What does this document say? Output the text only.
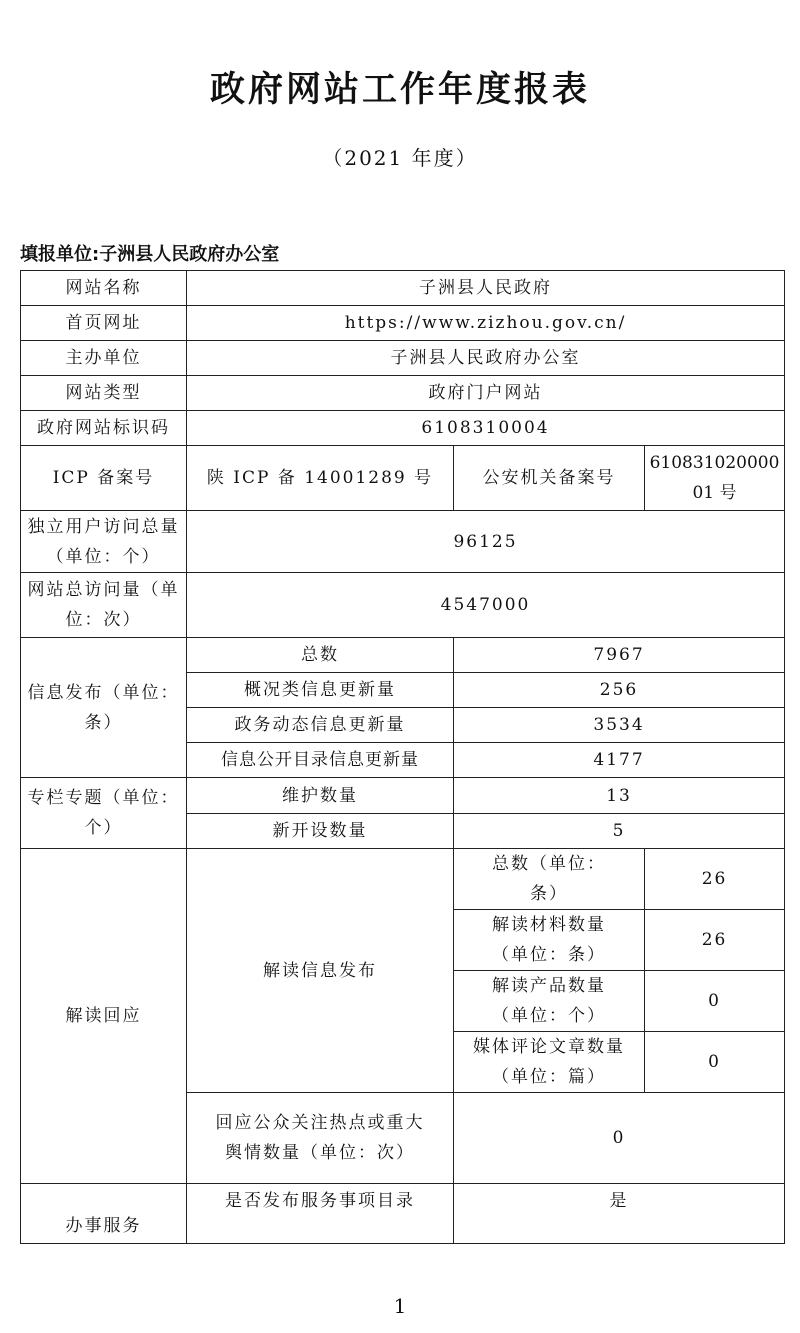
政府网站工作年度报表
（2021 年度）
填报单位:子洲县人民政府办公室
网站名称	子洲县人民政府		
首页网址	https://www.zizhou.gov.cn/		
主办单位	子洲县人民政府办公室		
网站类型	政府门户网站		
政府网站标识码	6108310004		
ICP 备案号	陕 ICP 备 14001289 号	公安机关备案号	61083102000001 号
独立用户访问总量（单位：个）	96125		
网站总访问量（单位：次）	4547000		
信息发布（单位：条）	总数	7967	
	概况类信息更新量	256	
	政务动态信息更新量	3534	
	信息公开目录信息更新量	4177	
专栏专题（单位：个）	维护数量	13	
	新开设数量	5	
解读回应	解读信息发布	总数（单位：条）	26
		解读材料数量（单位：条）	26
		解读产品数量（单位：个）	0
		媒体评论文章数量（单位：篇）	0
	回应公众关注热点或重大舆情数量（单位：次）	0	
办事服务	是否发布服务事项目录	是	
1
